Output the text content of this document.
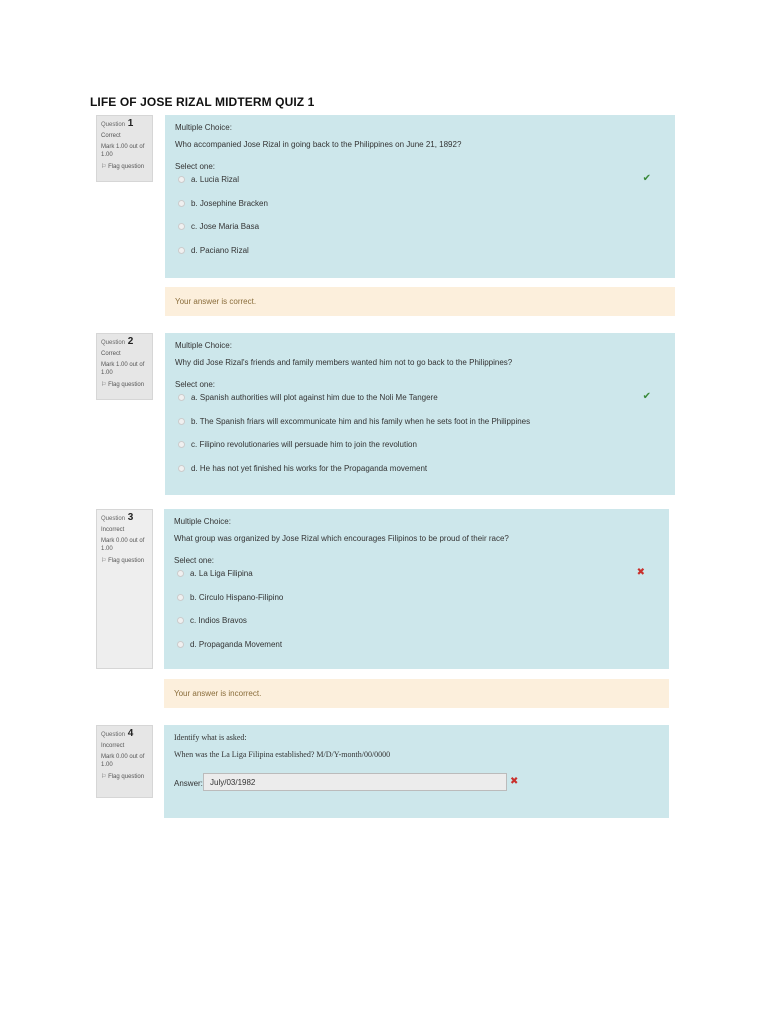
LIFE OF JOSE RIZAL MIDTERM QUIZ 1
Question 1
Correct
Mark 1.00 out of 1.00
⚐ Flag question
Multiple Choice:
Who accompanied Jose Rizal in going back to the Philippines on June 21, 1892?
Select one:
a. Lucia Rizal	✔
b. Josephine Bracken
c. Jose Maria Basa
d. Paciano Rizal
Your answer is correct.
Question 2
Correct
Mark 1.00 out of 1.00
⚐ Flag question
Multiple Choice:
Why did Jose Rizal's friends and family members wanted him not to go back to the Philippines?
Select one:
a. Spanish authorities will plot against him due to the Noli Me Tangere	✔
b. The Spanish friars will excommunicate him and his family when he sets foot in the Philippines
c. Filipino revolutionaries will persuade him to join the revolution
d. He has not yet finished his works for the Propaganda movement
Question 3
Incorrect
Mark 0.00 out of 1.00
⚐ Flag question
Multiple Choice:
What group was organized by Jose Rizal which encourages Filipinos to be proud of their race?
Select one:
a. La Liga Filipina	✖
b. Circulo Hispano-Filipino
c. Indios Bravos
d. Propaganda Movement
Your answer is incorrect.
Question 4
Incorrect
Mark 0.00 out of 1.00
⚐ Flag question
Identify what is asked:
When was the La Liga Filipina established? M/D/Y-month/00/0000
Answer: July/03/1982	✖
